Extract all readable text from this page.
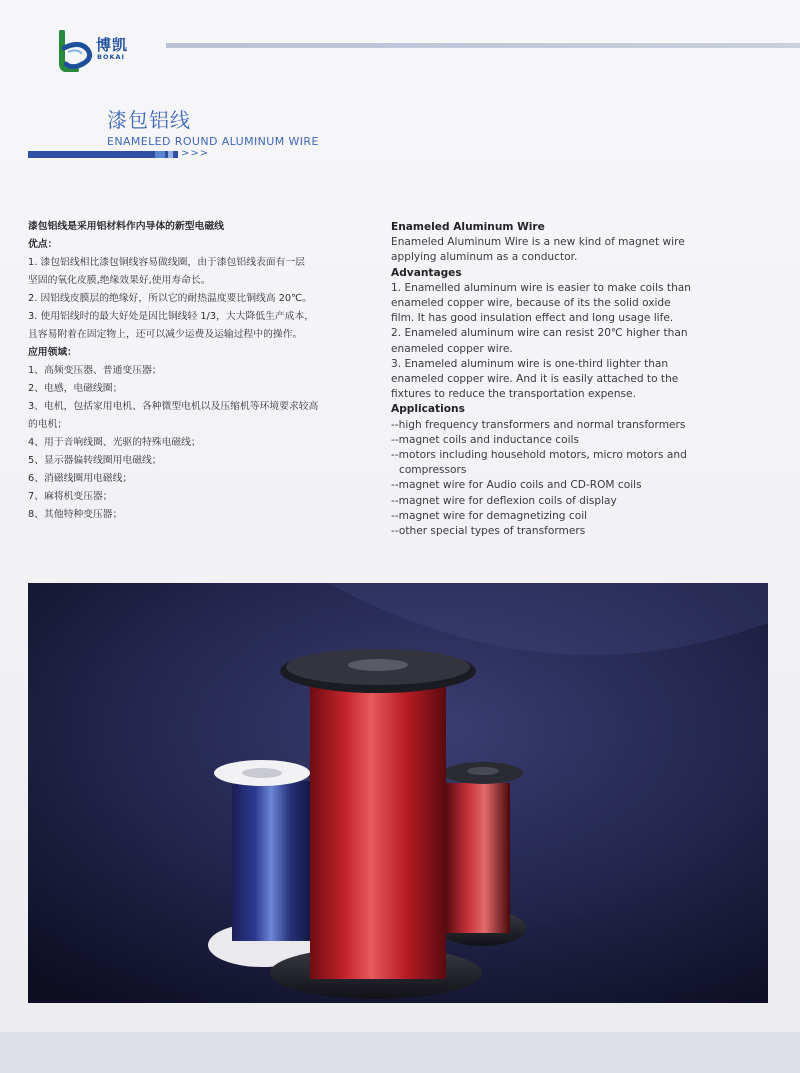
博凯
BOKAI
漆包铝线
ENAMELED ROUND ALUMINUM WIRE
>>>

漆包铝线是采用铝材料作内导体的新型电磁线

优点：

1. 漆包铝线相比漆包铜线容易做线圈，由于漆包铝线表面有一层

坚固的氧化皮膜,绝缘效果好,使用寿命长。

2. 因铝线皮膜层的绝缘好，所以它的耐热温度要比铜线高 20℃。

3. 使用铝线时的最大好处是因比铜线轻 1/3，大大降低生产成本，

且容易附着在固定物上，还可以减少运费及运输过程中的操作。

应用领域：

1、高频变压器、普通变压器；

2、电感，电磁线圈；

3、电机，包括家用电机、各种微型电机以及压缩机等环境要求较高

的电机；

4、用于音响线圈、光驱的特殊电磁线；

5、显示器偏转线圈用电磁线；

6、消磁线圈用电磁线；

7、麻将机变压器；

8、其他特种变压器；

Enameled Aluminum Wire

Enameled Aluminum Wire is a new kind of magnet wire

applying aluminum as a conductor.

Advantages

1. Enamelled aluminum wire is easier to make coils than

enameled copper wire, because of its the solid oxide

film. It has good insulation effect and long usage life.

2. Enameled aluminum wire can resist 20℃ higher than

enameled copper wire.

3. Enameled aluminum wire is one-third lighter than

enameled copper wire. And it is easily attached to the

fixtures to reduce the transportation expense.

Applications

--high frequency transformers and normal transformers

--magnet coils and inductance coils

--motors including household motors, micro motors and

compressors

--magnet wire for Audio coils and CD-ROM coils

--magnet wire for deflexion coils of display

--magnet wire for demagnetizing coil

--other special types of transformers
